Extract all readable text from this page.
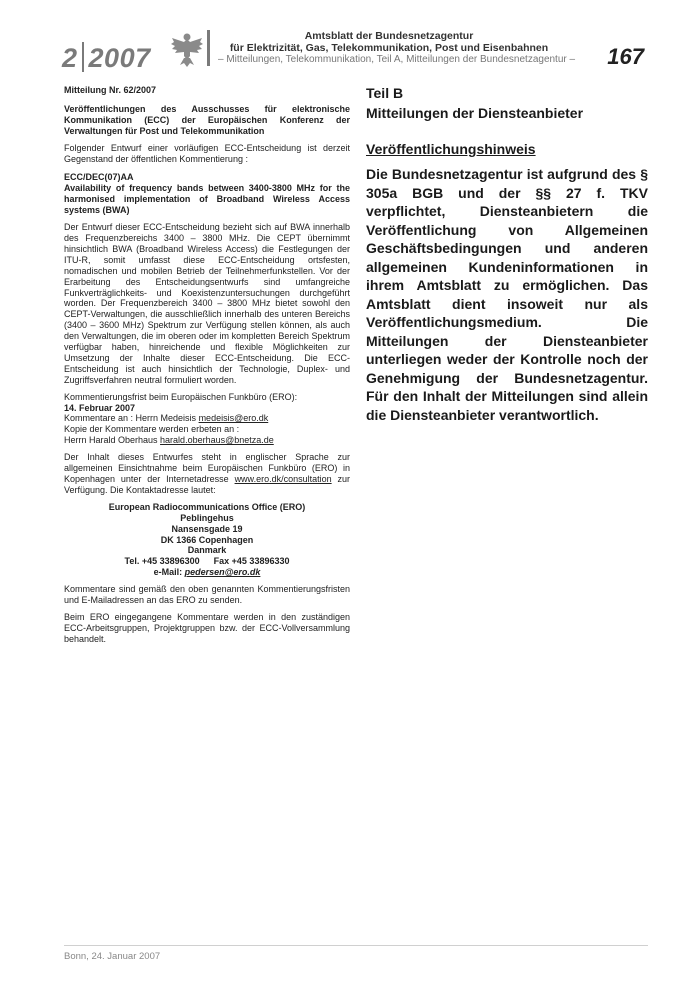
2 2007
Amtsblatt der Bundesnetzagentur
für Elektrizität, Gas, Telekommunikation, Post und Eisenbahnen
– Mitteilungen, Telekommunikation, Teil A, Mitteilungen der Bundesnetzagentur – 167

Mitteilung Nr. 62/2007

Veröffentlichungen des Ausschusses für elektronische Kommunikation (ECC) der Europäischen Konferenz der Verwaltungen für Post und Telekommunikation

Folgender Entwurf einer vorläufigen ECC-Entscheidung ist derzeit Gegenstand der öffentlichen Kommentierung :

ECC/DEC(07)AA

Availability of frequency bands between 3400-3800 MHz for the harmonised implementation of Broadband Wireless Access systems (BWA)

Der Entwurf dieser ECC-Entscheidung bezieht sich auf BWA innerhalb des Frequenzbereichs 3400 – 3800 MHz. Die CEPT übernimmt hinsichtlich BWA (Broadband Wireless Access) die Festlegungen der ITU-R, somit umfasst diese ECC-Entscheidung ortsfesten, nomadischen und mobilen Betrieb der Teilnehmerfunkstellen. Vor der Erarbeitung des Entscheidungsentwurfs sind umfangreiche Funkverträglichkeits- und Koexistenzuntersuchungen durchgeführt worden. Der Frequenzbereich 3400 – 3800 MHz bietet sowohl den CEPT-Verwaltungen, die ausschließlich innerhalb des unteren Bereichs (3400 – 3600 MHz) Spektrum zur Verfügung stellen können, als auch den Verwaltungen, die im oberen oder im kompletten Bereich Spektrum verfügbar haben, hinreichende und flexible Möglichkeiten zur Umsetzung der Inhalte dieser ECC-Entscheidung. Die ECC-Entscheidung ist auch hinsichtlich der Technologie, Duplex- und Zugriffsverfahren neutral formuliert worden.

Kommentierungsfrist beim Europäischen Funkbüro (ERO):

14. Februar 2007

Kommentare an : Herrn Medeisis medeisis@ero.dk

Kopie der Kommentare werden erbeten an :

Herrn Harald Oberhaus harald.oberhaus@bnetza.de

Der Inhalt dieses Entwurfes steht in englischer Sprache zur allgemeinen Einsichtnahme beim Europäischen Funkbüro (ERO) in Kopenhagen unter der Internetadresse www.ero.dk/consultation zur Verfügung. Die Kontaktadresse lautet:

European Radiocommunications Office (ERO)

Peblingehus

Nansensgade 19

DK 1366 Copenhagen

Danmark

Tel. +45 33896300 Fax +45 33896330

e-Mail: pedersen@ero.dk

Kommentare sind gemäß den oben genannten Kommentierungsfristen und E-Mailadressen an das ERO zu senden.

Beim ERO eingegangene Kommentare werden in den zuständigen ECC-Arbeitsgruppen, Projektgruppen bzw. der ECC-Vollversammlung behandelt.

Teil B

Mitteilungen der Diensteanbieter

Veröffentlichungshinweis

Die Bundesnetzagentur ist aufgrund des § 305a BGB und der §§ 27 f. TKV verpflichtet, Diensteanbietern die Veröffentlichung von Allgemeinen Geschäftsbedingungen und anderen allgemeinen Kundeninformationen in ihrem Amtsblatt zu ermöglichen. Das Amtsblatt dient insoweit nur als Veröffentlichungsmedium. Die Mitteilungen der Diensteanbieter unterliegen weder der Kontrolle noch der Genehmigung der Bundesnetzagentur. Für den Inhalt der Mitteilungen sind allein die Diensteanbieter verantwortlich.

Bonn, 24. Januar 2007
